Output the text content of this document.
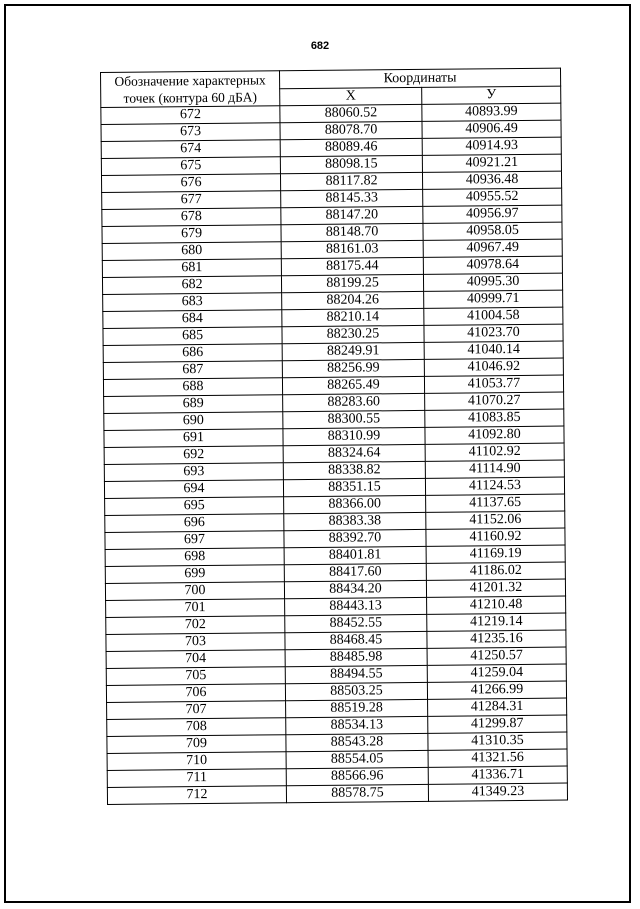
682
Обозначение характерных точек (контура 60 дБА)	Координаты	
	Х	У
672	88060.52	40893.99
673	88078.70	40906.49
674	88089.46	40914.93
675	88098.15	40921.21
676	88117.82	40936.48
677	88145.33	40955.52
678	88147.20	40956.97
679	88148.70	40958.05
680	88161.03	40967.49
681	88175.44	40978.64
682	88199.25	40995.30
683	88204.26	40999.71
684	88210.14	41004.58
685	88230.25	41023.70
686	88249.91	41040.14
687	88256.99	41046.92
688	88265.49	41053.77
689	88283.60	41070.27
690	88300.55	41083.85
691	88310.99	41092.80
692	88324.64	41102.92
693	88338.82	41114.90
694	88351.15	41124.53
695	88366.00	41137.65
696	88383.38	41152.06
697	88392.70	41160.92
698	88401.81	41169.19
699	88417.60	41186.02
700	88434.20	41201.32
701	88443.13	41210.48
702	88452.55	41219.14
703	88468.45	41235.16
704	88485.98	41250.57
705	88494.55	41259.04
706	88503.25	41266.99
707	88519.28	41284.31
708	88534.13	41299.87
709	88543.28	41310.35
710	88554.05	41321.56
711	88566.96	41336.71
712	88578.75	41349.23
